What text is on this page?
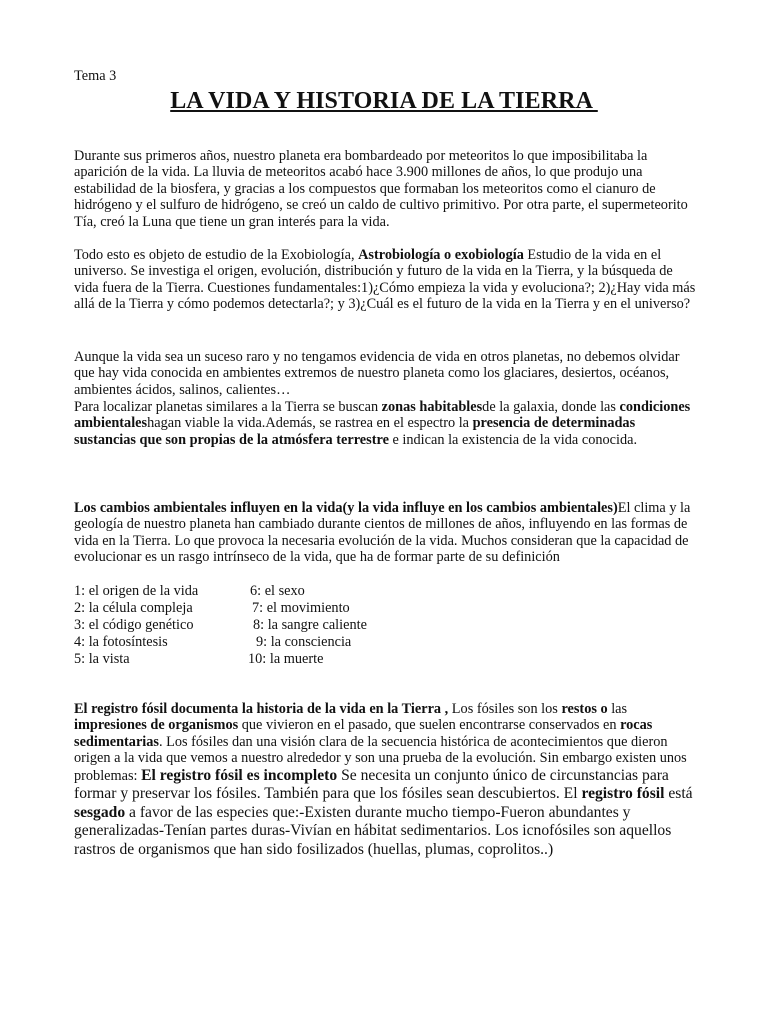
Tema 3
LA VIDA Y HISTORIA DE LA TIERRA

Durante sus primeros años, nuestro planeta era bombardeado por meteoritos lo que imposibilitaba la aparición de la vida. La lluvia de meteoritos acabó hace 3.900 millones de años, lo que produjo una estabilidad de la biosfera, y gracias a los compuestos que formaban los meteoritos como el cianuro de hidrógeno y el sulfuro de hidrógeno, se creó un caldo de cultivo primitivo. Por otra parte, el supermeteorito Tía, creó la Luna que tiene un gran interés para la vida.

Todo esto es objeto de estudio de la Exobiología, Astrobiología o exobiología Estudio de la vida en el universo. Se investiga el origen, evolución, distribución y futuro de la vida en la Tierra, y la búsqueda de vida fuera de la Tierra. Cuestiones fundamentales:1)¿Cómo empieza la vida y evoluciona?; 2)¿Hay vida más allá de la Tierra y cómo podemos detectarla?; y 3)¿Cuál es el futuro de la vida en la Tierra y en el universo?

Aunque la vida sea un suceso raro y no tengamos evidencia de vida en otros planetas, no debemos olvidar que hay vida conocida en ambientes extremos de nuestro planeta como los glaciares, desiertos, océanos, ambientes ácidos, salinos, calientes…

Para localizar planetas similares a la Tierra se buscan zonas habitablesde la galaxia, donde las condiciones ambientaleshagan viable la vida.Además, se rastrea en el espectro la presencia de determinadas sustancias que son propias de la atmósfera terrestre e indican la existencia de la vida conocida.

Los cambios ambientales influyen en la vida(y la vida influye en los cambios ambientales)El clima y la geología de nuestro planeta han cambiado durante cientos de millones de años, influyendo en las formas de vida en la Tierra. Lo que provoca la necesaria evolución de la vida. Muchos consideran que la capacidad de evolucionar es un rasgo intrínseco de la vida, que ha de formar parte de su definición

1: el origen de la vida	6: el sexo
2: la célula compleja	7: el movimiento
3: el código genético	8: la sangre caliente
4: la fotosíntesis	9: la consciencia
5: la vista	10: la muerte

El registro fósil documenta la historia de la vida en la Tierra , Los fósiles son los restos o las impresiones de organismos que vivieron en el pasado, que suelen encontrarse conservados en rocas sedimentarias. Los fósiles dan una visión clara de la secuencia histórica de acontecimientos que dieron origen a la vida que vemos a nuestro alrededor y son una prueba de la evolución. Sin embargo existen unos problemas: El registro fósil es incompleto Se necesita un conjunto único de circunstancias para formar y preservar los fósiles. También para que los fósiles sean descubiertos. El registro fósil está sesgado a favor de las especies que:-Existen durante mucho tiempo-Fueron abundantes y generalizadas-Tenían partes duras-Vivían en hábitat sedimentarios. Los icnofósiles son aquellos rastros de organismos que han sido fosilizados (huellas, plumas, coprolitos..)
